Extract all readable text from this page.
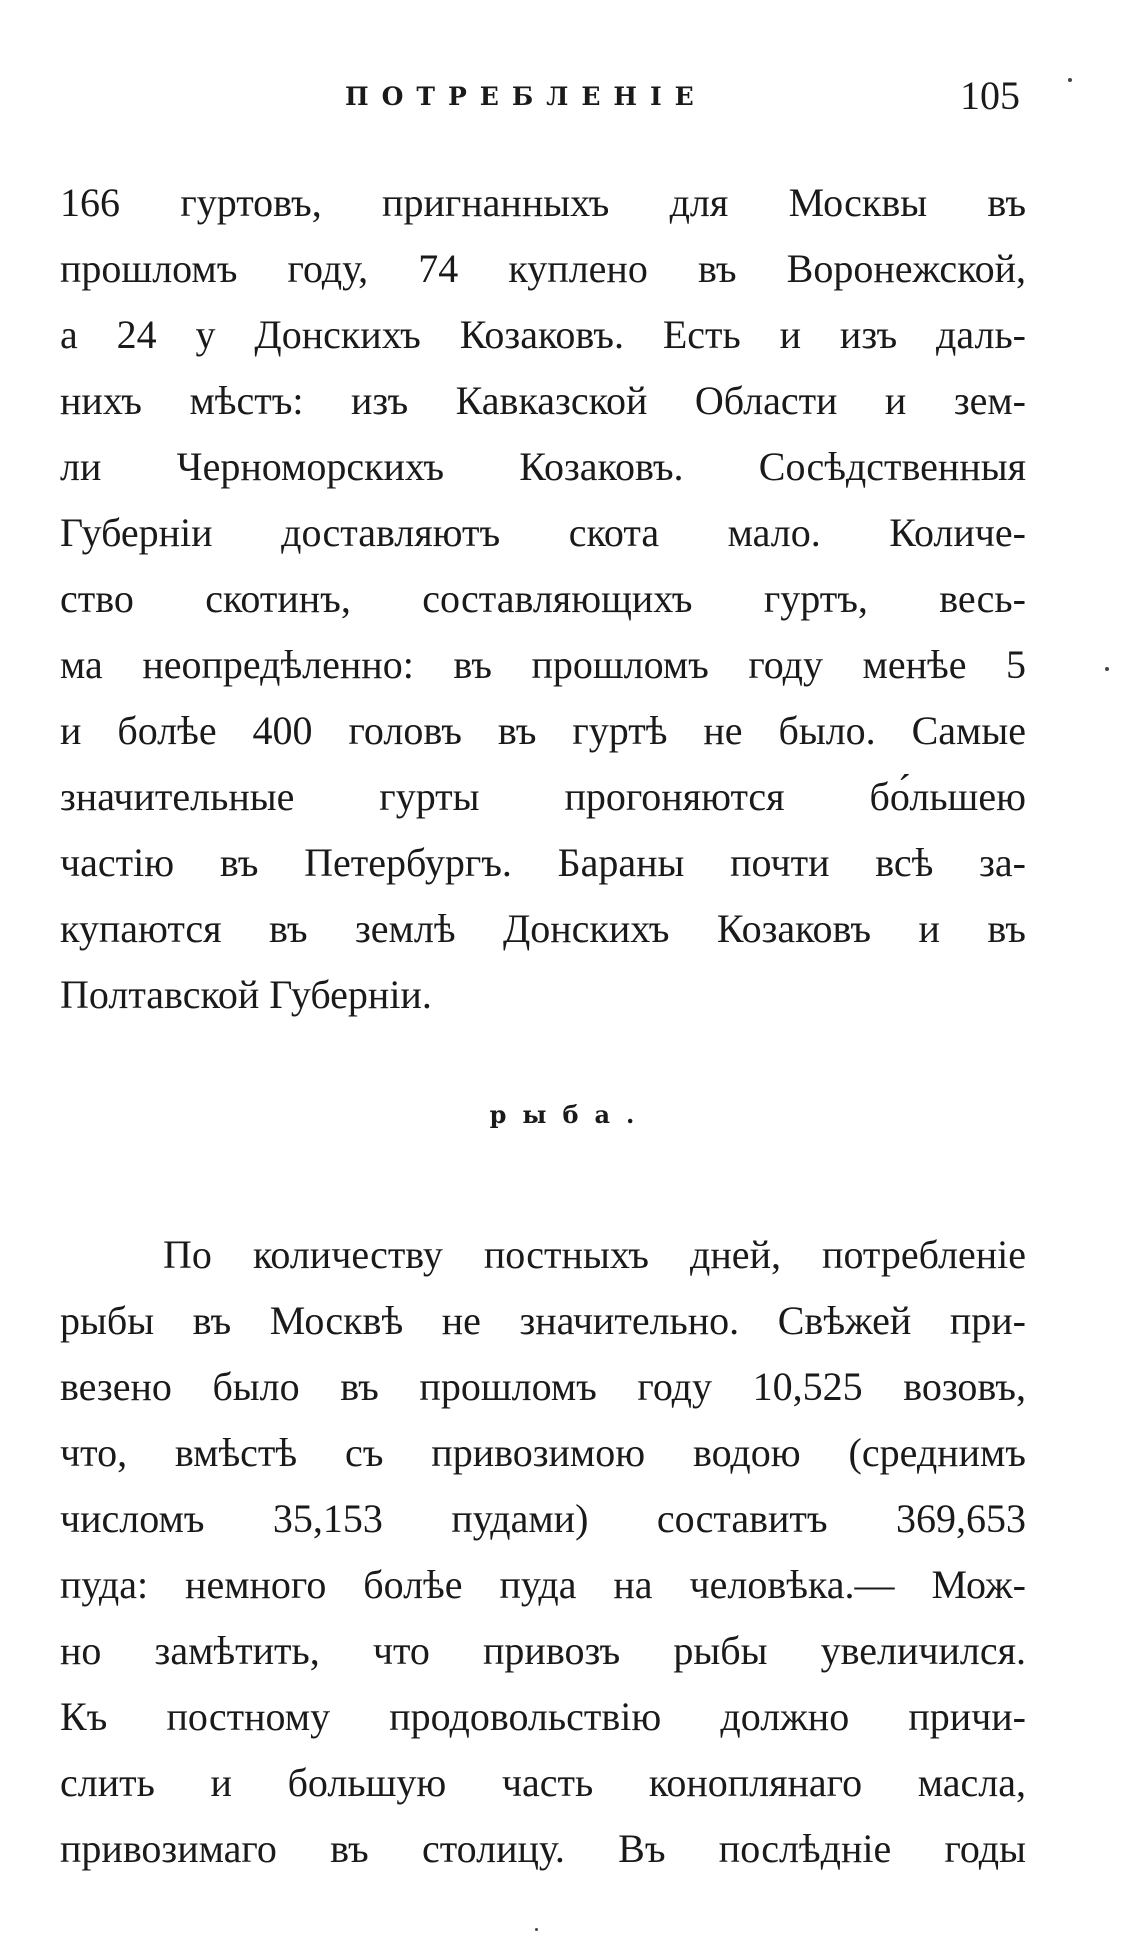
ПОТРЕБЛЕНІЕ	105
166 гуртовъ, пригнанныхъ для Москвы въ
прошломъ году, 74 куплено въ Воронежской,
а 24 у Донскихъ Козаковъ. Есть и изъ даль-
нихъ мѣстъ: изъ Кавказской Области и зем-
ли Черноморскихъ Козаковъ. Сосѣдственныя
Губерніи доставляютъ скота мало. Количе-
ство скотинъ, составляющихъ гуртъ, весь-
ма неопредѣленно: въ прошломъ году менѣе 5
и болѣе 400 головъ въ гуртѣ не было. Самые
значительные гурты прогоняются бо́льшею
частію въ Петербургъ. Бараны почти всѣ за-
купаются въ землѣ Донскихъ Козаковъ и въ
Полтавской Губерніи.
рыба.
По количеству постныхъ дней, потребленіе
рыбы въ Москвѣ не значительно. Свѣжей при-
везено было въ прошломъ году 10,525 возовъ,
что, вмѣстѣ съ привозимою водою (среднимъ
числомъ 35,153 пудами) составитъ 369,653
пуда: немного болѣе пуда на человѣка.— Мож-
но замѣтить, что привозъ рыбы увеличился.
Къ постному продовольствію должно причи-
слить и большую часть коноплянаго масла,
привозимаго въ столицу. Въ послѣдніе годы
